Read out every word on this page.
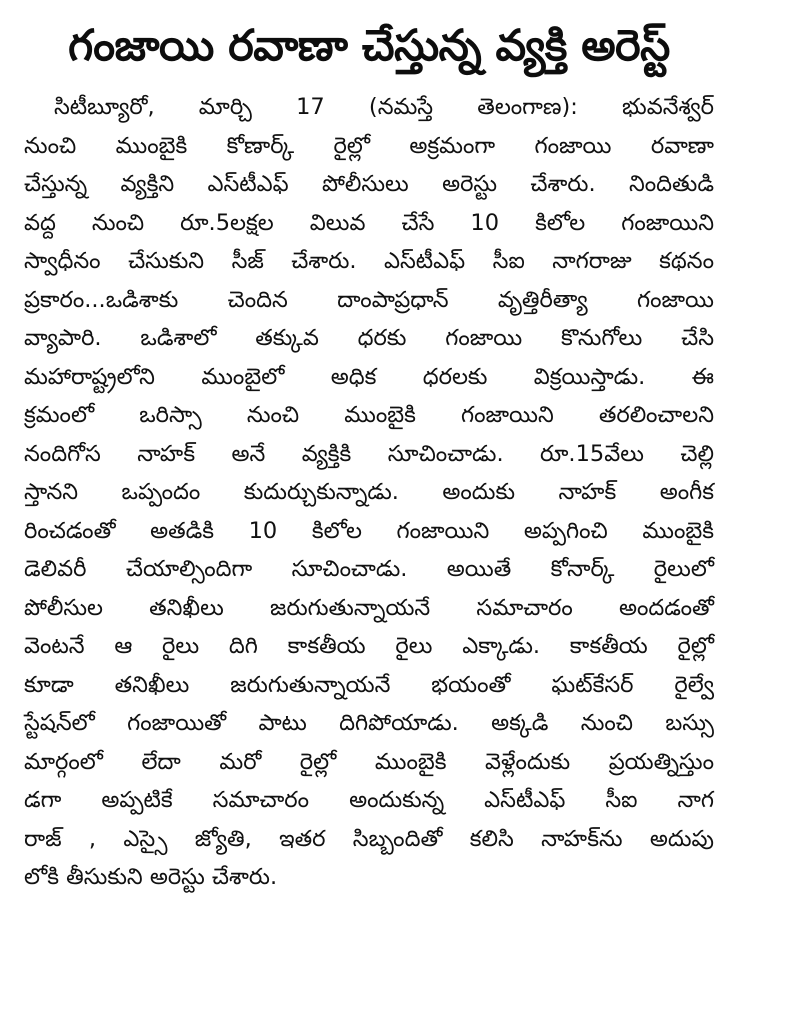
గంజాయి రవాణా చేస్తున్న వ్యక్తి అరెస్ట్
సిటీబ్యూరో, మార్చి 17 (నమస్తే తెలంగాణ): భువనేశ్వర్
నుంచి ముంబైకి కోణార్క్ రైల్లో అక్రమంగా గంజాయి రవాణా
చేస్తున్న వ్యక్తిని ఎస్‌టీఎఫ్ పోలీసులు అరెస్టు చేశారు. నిందితుడి
వద్ద నుంచి రూ.5లక్షల విలువ చేసే 10 కిలోల గంజాయిని
స్వాధీనం చేసుకుని సీజ్ చేశారు. ఎస్‌టీఎఫ్ సీఐ నాగరాజు కథనం
ప్రకారం...ఒడిశాకు చెందిన దాంపాప్రధాన్ వృత్తిరీత్యా గంజాయి
వ్యాపారి. ఒడిశాలో తక్కువ ధరకు గంజాయి కొనుగోలు చేసి
మహారాష్ట్రలోని ముంబైలో అధిక ధరలకు విక్రయిస్తాడు. ఈ
క్రమంలో ఒరిస్సా నుంచి ముంబైకి గంజాయిని తరలించాలని
నందిగోస నాహక్ అనే వ్యక్తికి సూచించాడు. రూ.15వేలు చెల్లి
స్తానని ఒప్పందం కుదుర్చుకున్నాడు. అందుకు నాహక్ అంగీక
రించడంతో అతడికి 10 కిలోల గంజాయిని అప్పగించి ముంబైకి
డెలివరీ చేయాల్సిందిగా సూచించాడు. అయితే కోనార్క్ రైలులో
పోలీసుల తనిఖీలు జరుగుతున్నాయనే సమాచారం అందడంతో
వెంటనే ఆ రైలు దిగి కాకతీయ రైలు ఎక్కాడు. కాకతీయ రైల్లో
కూడా తనిఖీలు జరుగుతున్నాయనే భయంతో ఘట్‌కేసర్ రైల్వే
స్టేషన్‌లో గంజాయితో పాటు దిగిపోయాడు. అక్కడి నుంచి బస్సు
మార్గంలో లేదా మరో రైల్లో ముంబైకి వెళ్లేందుకు ప్రయత్నిస్తుం
డగా అప్పటికే సమాచారం అందుకున్న ఎస్‌టీఎఫ్ సీఐ నాగ
రాజ్ , ఎస్సై జ్యోతి, ఇతర సిబ్బందితో కలిసి నాహక్‌ను అదుపు
లోకి తీసుకుని అరెస్టు చేశారు.
